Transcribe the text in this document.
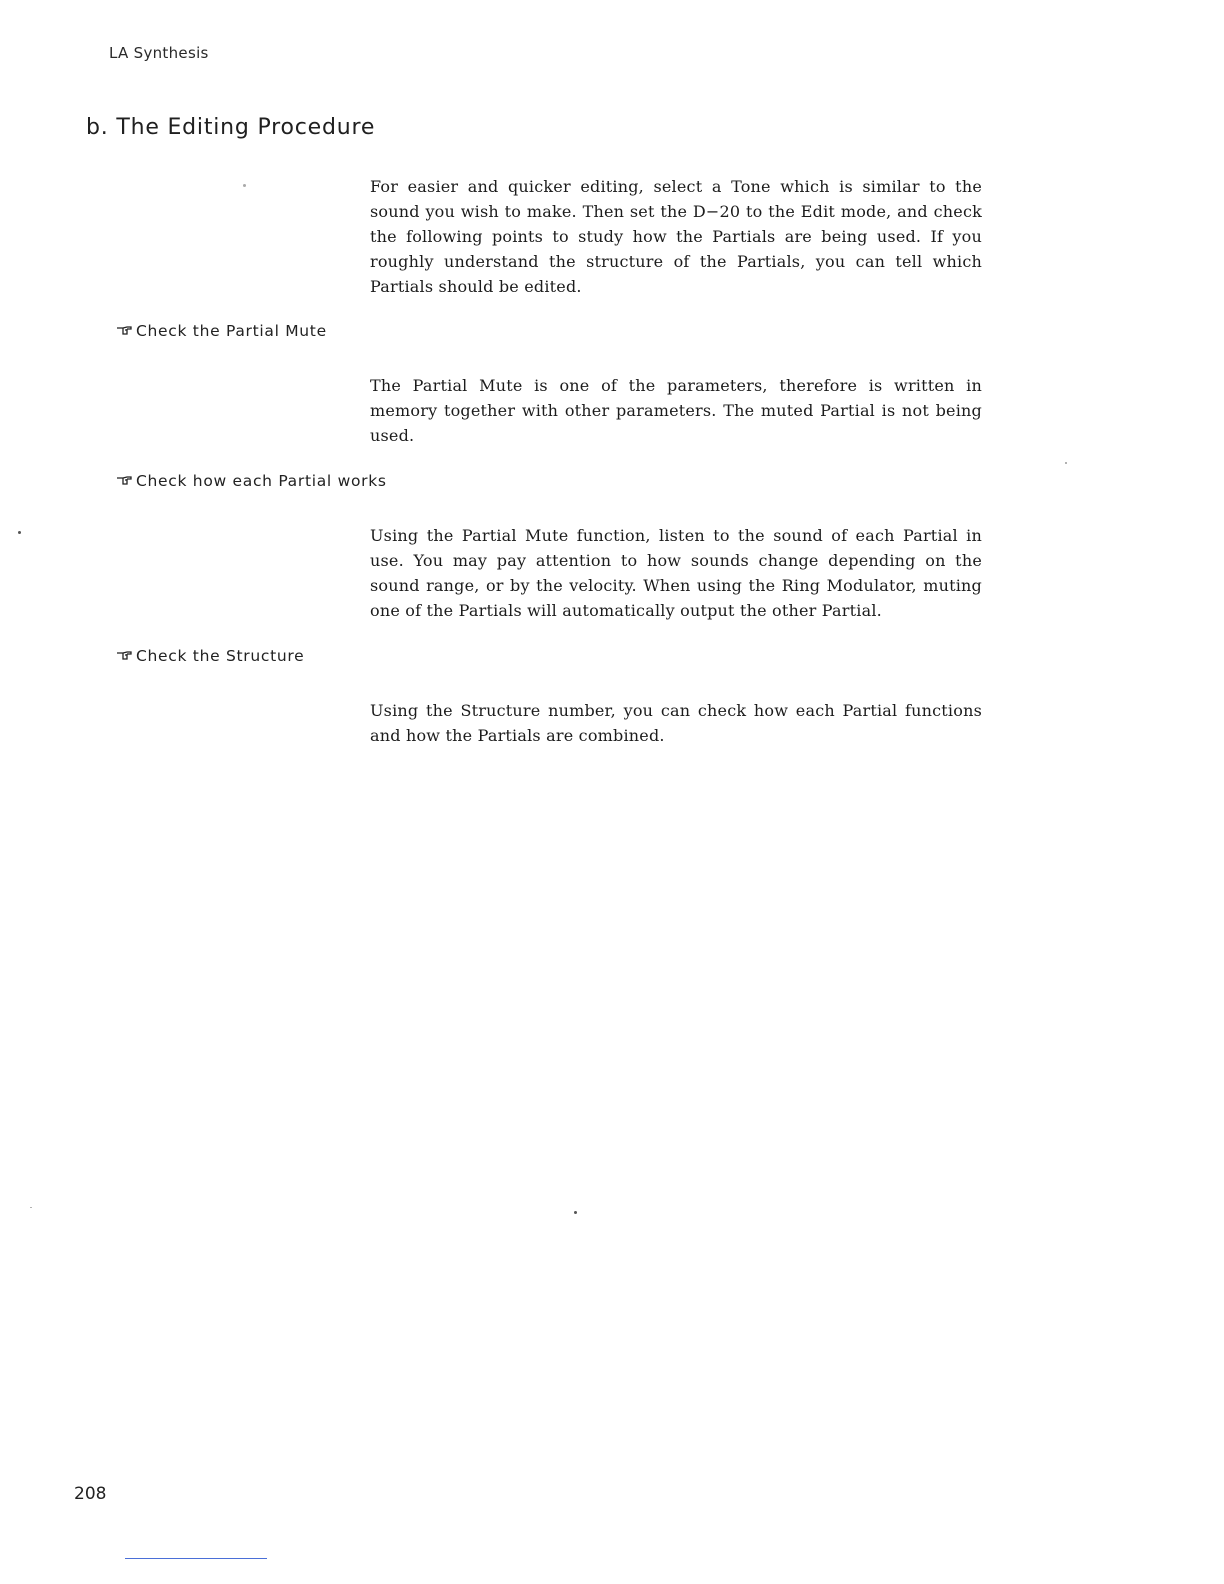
LA Synthesis
b. The Editing Procedure

For easier and quicker editing, select a Tone which is similar to the sound you wish to make. Then set the D−20 to the Edit mode, and check the following points to study how the Partials are being used. If you roughly understand the structure of the Partials, you can tell which Partials should be edited.

Check the Partial Mute

The Partial Mute is one of the parameters, therefore is written in memory together with other parameters. The muted Partial is not being used.

Check how each Partial works

Using the Partial Mute function, listen to the sound of each Partial in use. You may pay attention to how sounds change depending on the sound range, or by the velocity. When using the Ring Modulator, muting one of the Partials will automatically output the other Partial.

Check the Structure

Using the Structure number, you can check how each Partial functions and how the Partials are combined.

208
